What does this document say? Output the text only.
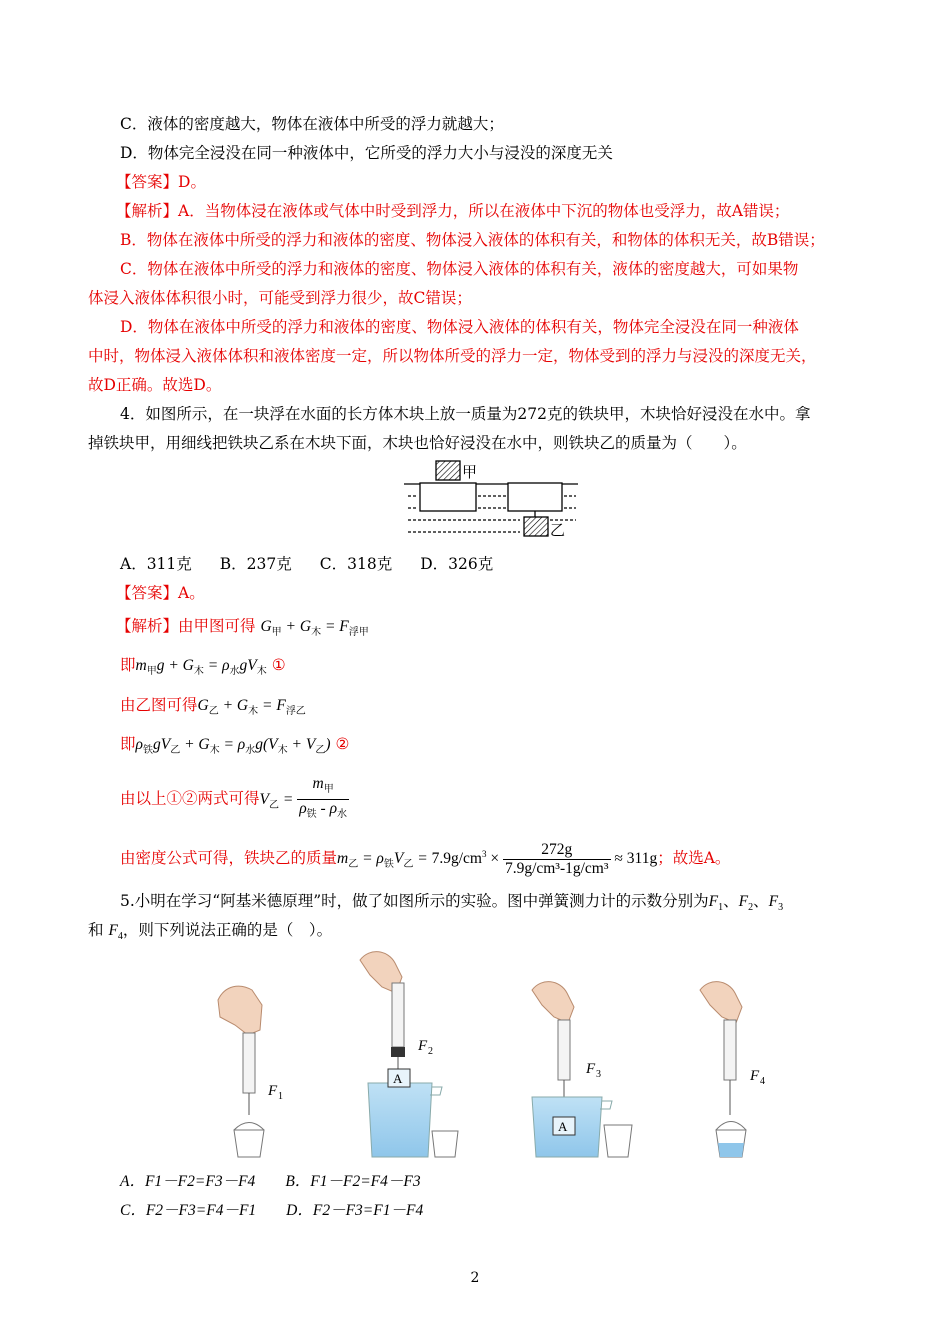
C．液体的密度越大，物体在液体中所受的浮力就越大；
D．物体完全浸没在同一种液体中，它所受的浮力大小与浸没的深度无关
【答案】D。
【解析】A．当物体浸在液体或气体中时受到浮力，所以在液体中下沉的物体也受浮力，故A错误；
B．物体在液体中所受的浮力和液体的密度、物体浸入液体的体积有关，和物体的体积无关，故B错误；
C．物体在液体中所受的浮力和液体的密度、物体浸入液体的体积有关，液体的密度越大，可如果物
体浸入液体体积很小时，可能受到浮力很少，故C错误；
D．物体在液体中所受的浮力和液体的密度、物体浸入液体的体积有关，物体完全浸没在同一种液体
中时，物体浸入液体体积和液体密度一定，所以物体所受的浮力一定，物体受到的浮力与浸没的深度无关，
故D正确。故选D。
4．如图所示，在一块浮在水面的长方体木块上放一质量为272克的铁块甲，木块恰好浸没在水中。拿
掉铁块甲，用细线把铁块乙系在木块下面，木块也恰好浸没在水中，则铁块乙的质量为（　　）。
甲
乙
A．311克 B．237克 C．318克 D．326克
【答案】A。
【解析】由甲图可得 $G_甲 + G_木 = F_{浮甲}$
即$m_甲g + G_木 = \rho_水gV_木$ ①
由乙图可得$G_乙 + G_木 = F_{浮乙}$
即$\rho_铁gV_乙 + G_木 = \rho_水g(V_木 + V_乙)$ ②
由以上①②两式可得$V_乙 = \frac{m_甲}{\rho_铁 - \rho_水}$
由密度公式可得，铁块乙的质量$m_乙 = \rho_铁V_乙 = 7.9g/cm^3 \times \frac{272g}{\text{7.9g/cm³-1g/cm³}} \approx 311g$；故选A。
5.小明在学习“阿基米德原理”时，做了如图所示的实验。图中弹簧测力计的示数分别为$F_1$、$F_2$、$F_3$
和 $F_4$，则下列说法正确的是（　）。
F 1
A
F 2
A
F 3	F 4
A．F1－F2=F3－F4 B．F1－F2=F4－F3
C．F2－F3=F4－F1 D．F2－F3=F1－F4
2
